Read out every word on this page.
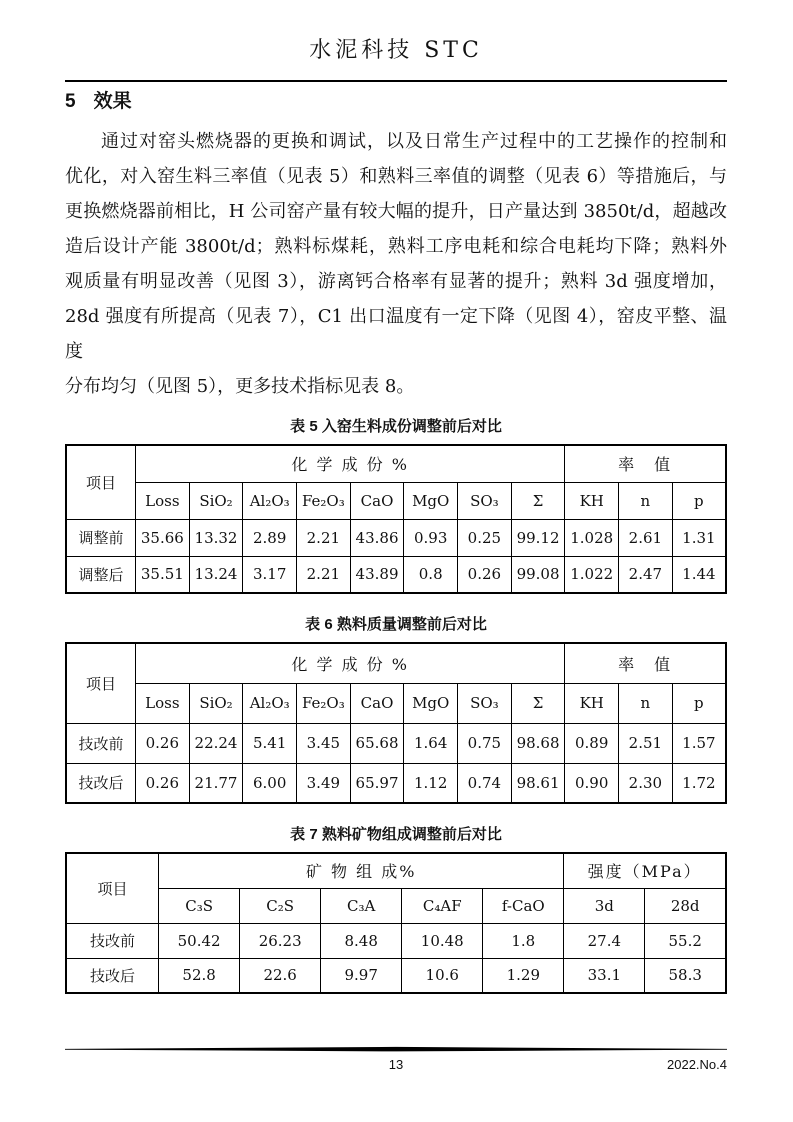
水泥科技 STC
5 效果
通过对窑头燃烧器的更换和调试，以及日常生产过程中的工艺操作的控制和
优化，对入窑生料三率值（见表 5）和熟料三率值的调整（见表 6）等措施后，与
更换燃烧器前相比，H 公司窑产量有较大幅的提升，日产量达到 3850t/d，超越改
造后设计产能 3800t/d；熟料标煤耗，熟料工序电耗和综合电耗均下降；熟料外
观质量有明显改善（见图 3），游离钙合格率有显著的提升；熟料 3d 强度增加，
28d 强度有所提高（见表 7），C1 出口温度有一定下降（见图 4），窑皮平整、温度
分布均匀（见图 5），更多技术指标见表 8。
表 5 入窑生料成份调整前后对比
项目	化 学 成 份 %								率　值		
	Loss	SiO₂	Al₂O₃	Fe₂O₃	CaO	MgO	SO₃	Σ	KH	n	p
调整前	35.66	13.32	2.89	2.21	43.86	0.93	0.25	99.12	1.028	2.61	1.31
调整后	35.51	13.24	3.17	2.21	43.89	0.8	0.26	99.08	1.022	2.47	1.44
表 6 熟料质量调整前后对比
项目	化 学 成 份 %								率　值		
	Loss	SiO₂	Al₂O₃	Fe₂O₃	CaO	MgO	SO₃	Σ	KH	n	p
技改前	0.26	22.24	5.41	3.45	65.68	1.64	0.75	98.68	0.89	2.51	1.57
技改后	0.26	21.77	6.00	3.49	65.97	1.12	0.74	98.61	0.90	2.30	1.72
表 7 熟料矿物组成调整前后对比
项目	矿 物 组 成%					强度（MPa）	
	C₃S	C₂S	C₃A	C₄AF	f-CaO	3d	28d
技改前	50.42	26.23	8.48	10.48	1.8	27.4	55.2
技改后	52.8	22.6	9.97	10.6	1.29	33.1	58.3
13	2022.No.4
